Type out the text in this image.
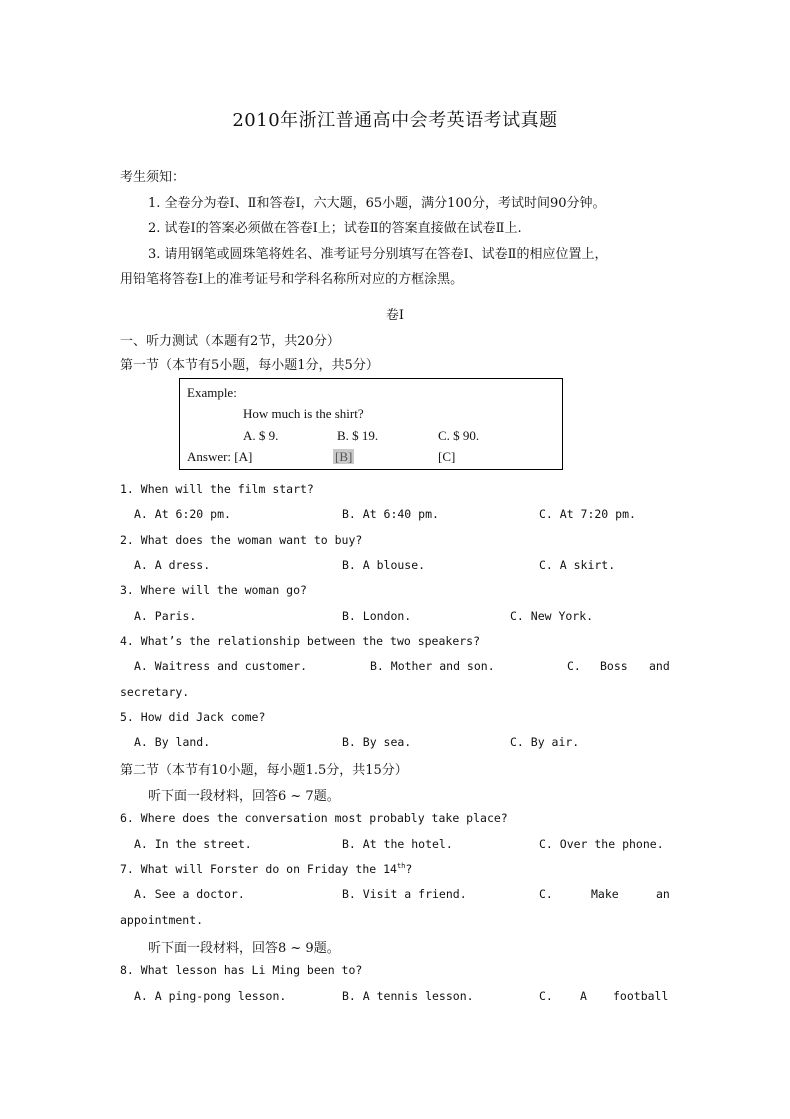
2010年浙江普通高中会考英语考试真题
考生须知：
1. 全卷分为卷Ⅰ、Ⅱ和答卷Ⅰ，六大题，65小题，满分100分，考试时间90分钟。
2. 试卷Ⅰ的答案必须做在答卷Ⅰ上；试卷Ⅱ的答案直接做在试卷Ⅱ上.
3. 请用钢笔或圆珠笔将姓名、准考证号分别填写在答卷Ⅰ、试卷Ⅱ的相应位置上，
用铅笔将答卷Ⅰ上的准考证号和学科名称所对应的方框涂黑。
卷Ⅰ
一、听力测试（本题有2节，共20分）
第一节（本节有5小题，每小题1分，共5分）
Example:
How much is the shirt?
A. $ 9.	B. $ 19.	C. $ 90.
Answer: [A]	[B]	[C]
1. When will the film start?
A. At 6:20 pm.	B. At 6:40 pm.	C. At 7:20 pm.
2. What does the woman want to buy?
A. A dress.	B. A blouse.	C. A skirt.
3. Where will the woman go?
A. Paris.	B. London.	C. New York.
4. What’s the relationship between the two speakers?
A. Waitress and customer.	B. Mother and son.	C. Boss and
secretary.
5. How did Jack come?
A. By land.	B. By sea.	C. By air.
第二节（本节有10小题，每小题1.5分，共15分）
听下面一段材料，回答6 ~ 7题。
6. Where does the conversation most probably take place?
A. In the street.	B. At the hotel.	C. Over the phone.
7. What will Forster do on Friday the 14th?
A. See a doctor.	B. Visit a friend.	C.	Make	an
appointment.
听下面一段材料，回答8 ~ 9题。
8. What lesson has Li Ming been to?
A. A ping-pong lesson.	B. A tennis lesson.	C. A football
